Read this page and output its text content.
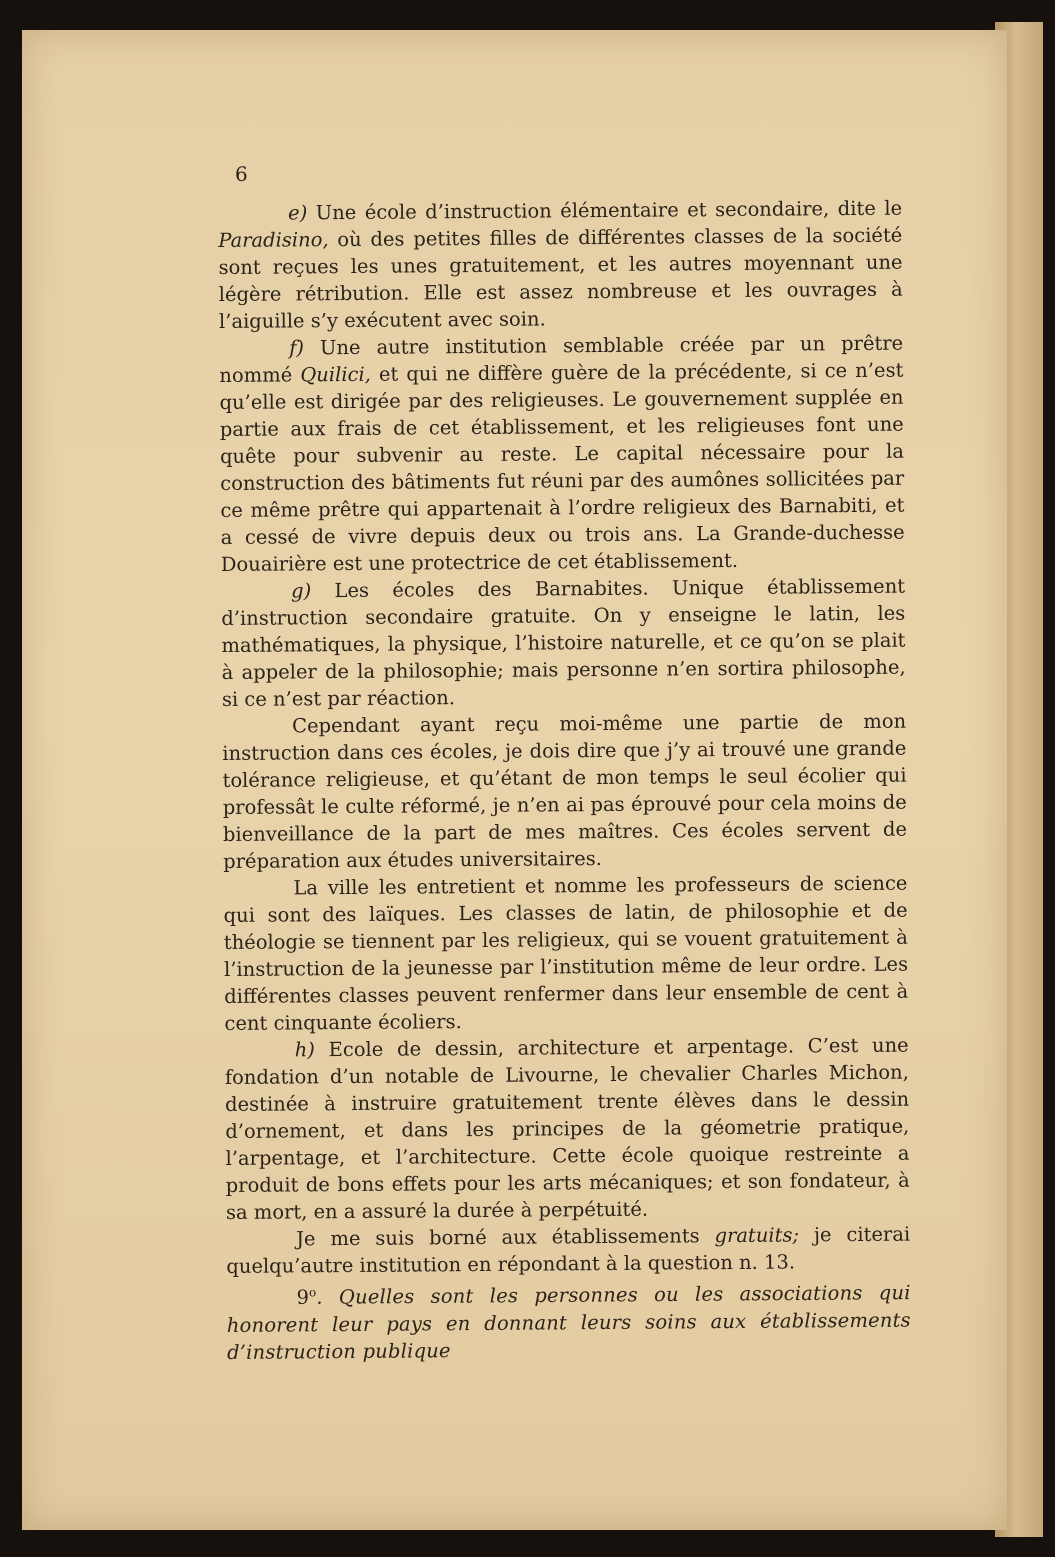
6

e) Une école d’instruction élémentaire et secondaire, dite le Paradisino, où des petites filles de différentes classes de la société sont reçues les unes gratuitement, et les autres moyennant une légère rétribution. Elle est assez nombreuse et les ouvrages à l’aiguille s’y exécutent avec soin.

f) Une autre institution semblable créée par un prêtre nommé Quilici, et qui ne diffère guère de la précédente, si ce n’est qu’elle est dirigée par des religieuses. Le gouvernement supplée en partie aux frais de cet établissement, et les religieuses font une quête pour subvenir au reste. Le capital nécessaire pour la construction des bâtiments fut réuni par des aumônes sollicitées par ce même prêtre qui appartenait à l’ordre religieux des Barnabiti, et a cessé de vivre depuis deux ou trois ans. La Grande-duchesse Douairière est une protectrice de cet établissement.

g) Les écoles des Barnabites. Unique établissement d’instruction secondaire gratuite. On y enseigne le latin, les mathématiques, la physique, l’histoire naturelle, et ce qu’on se plait à appeler de la philosophie; mais personne n’en sortira philosophe, si ce n’est par réaction.

Cependant ayant reçu moi-même une partie de mon instruction dans ces écoles, je dois dire que j’y ai trouvé une grande tolérance religieuse, et qu’étant de mon temps le seul écolier qui professât le culte réformé, je n’en ai pas éprouvé pour cela moins de bienveillance de la part de mes maîtres. Ces écoles servent de préparation aux études universitaires.

La ville les entretient et nomme les professeurs de science qui sont des laïques. Les classes de latin, de philosophie et de théologie se tiennent par les religieux, qui se vouent gratuitement à l’instruction de la jeunesse par l’institution même de leur ordre. Les différentes classes peuvent renfermer dans leur ensemble de cent à cent cinquante écoliers.

h) Ecole de dessin, architecture et arpentage. C’est une fondation d’un notable de Livourne, le chevalier Charles Michon, destinée à instruire gratuitement trente élèves dans le dessin d’ornement, et dans les principes de la géometrie pratique, l’arpentage, et l’architecture. Cette école quoique restreinte a produit de bons effets pour les arts mécaniques; et son fondateur, à sa mort, en a assuré la durée à perpétuité.

Je me suis borné aux établissements gratuits; je citerai quelqu’autre institution en répondant à la question n. 13.

9$^o$. Quelles sont les personnes ou les associations qui honorent leur pays en donnant leurs soins aux établissements d’instruction publique
